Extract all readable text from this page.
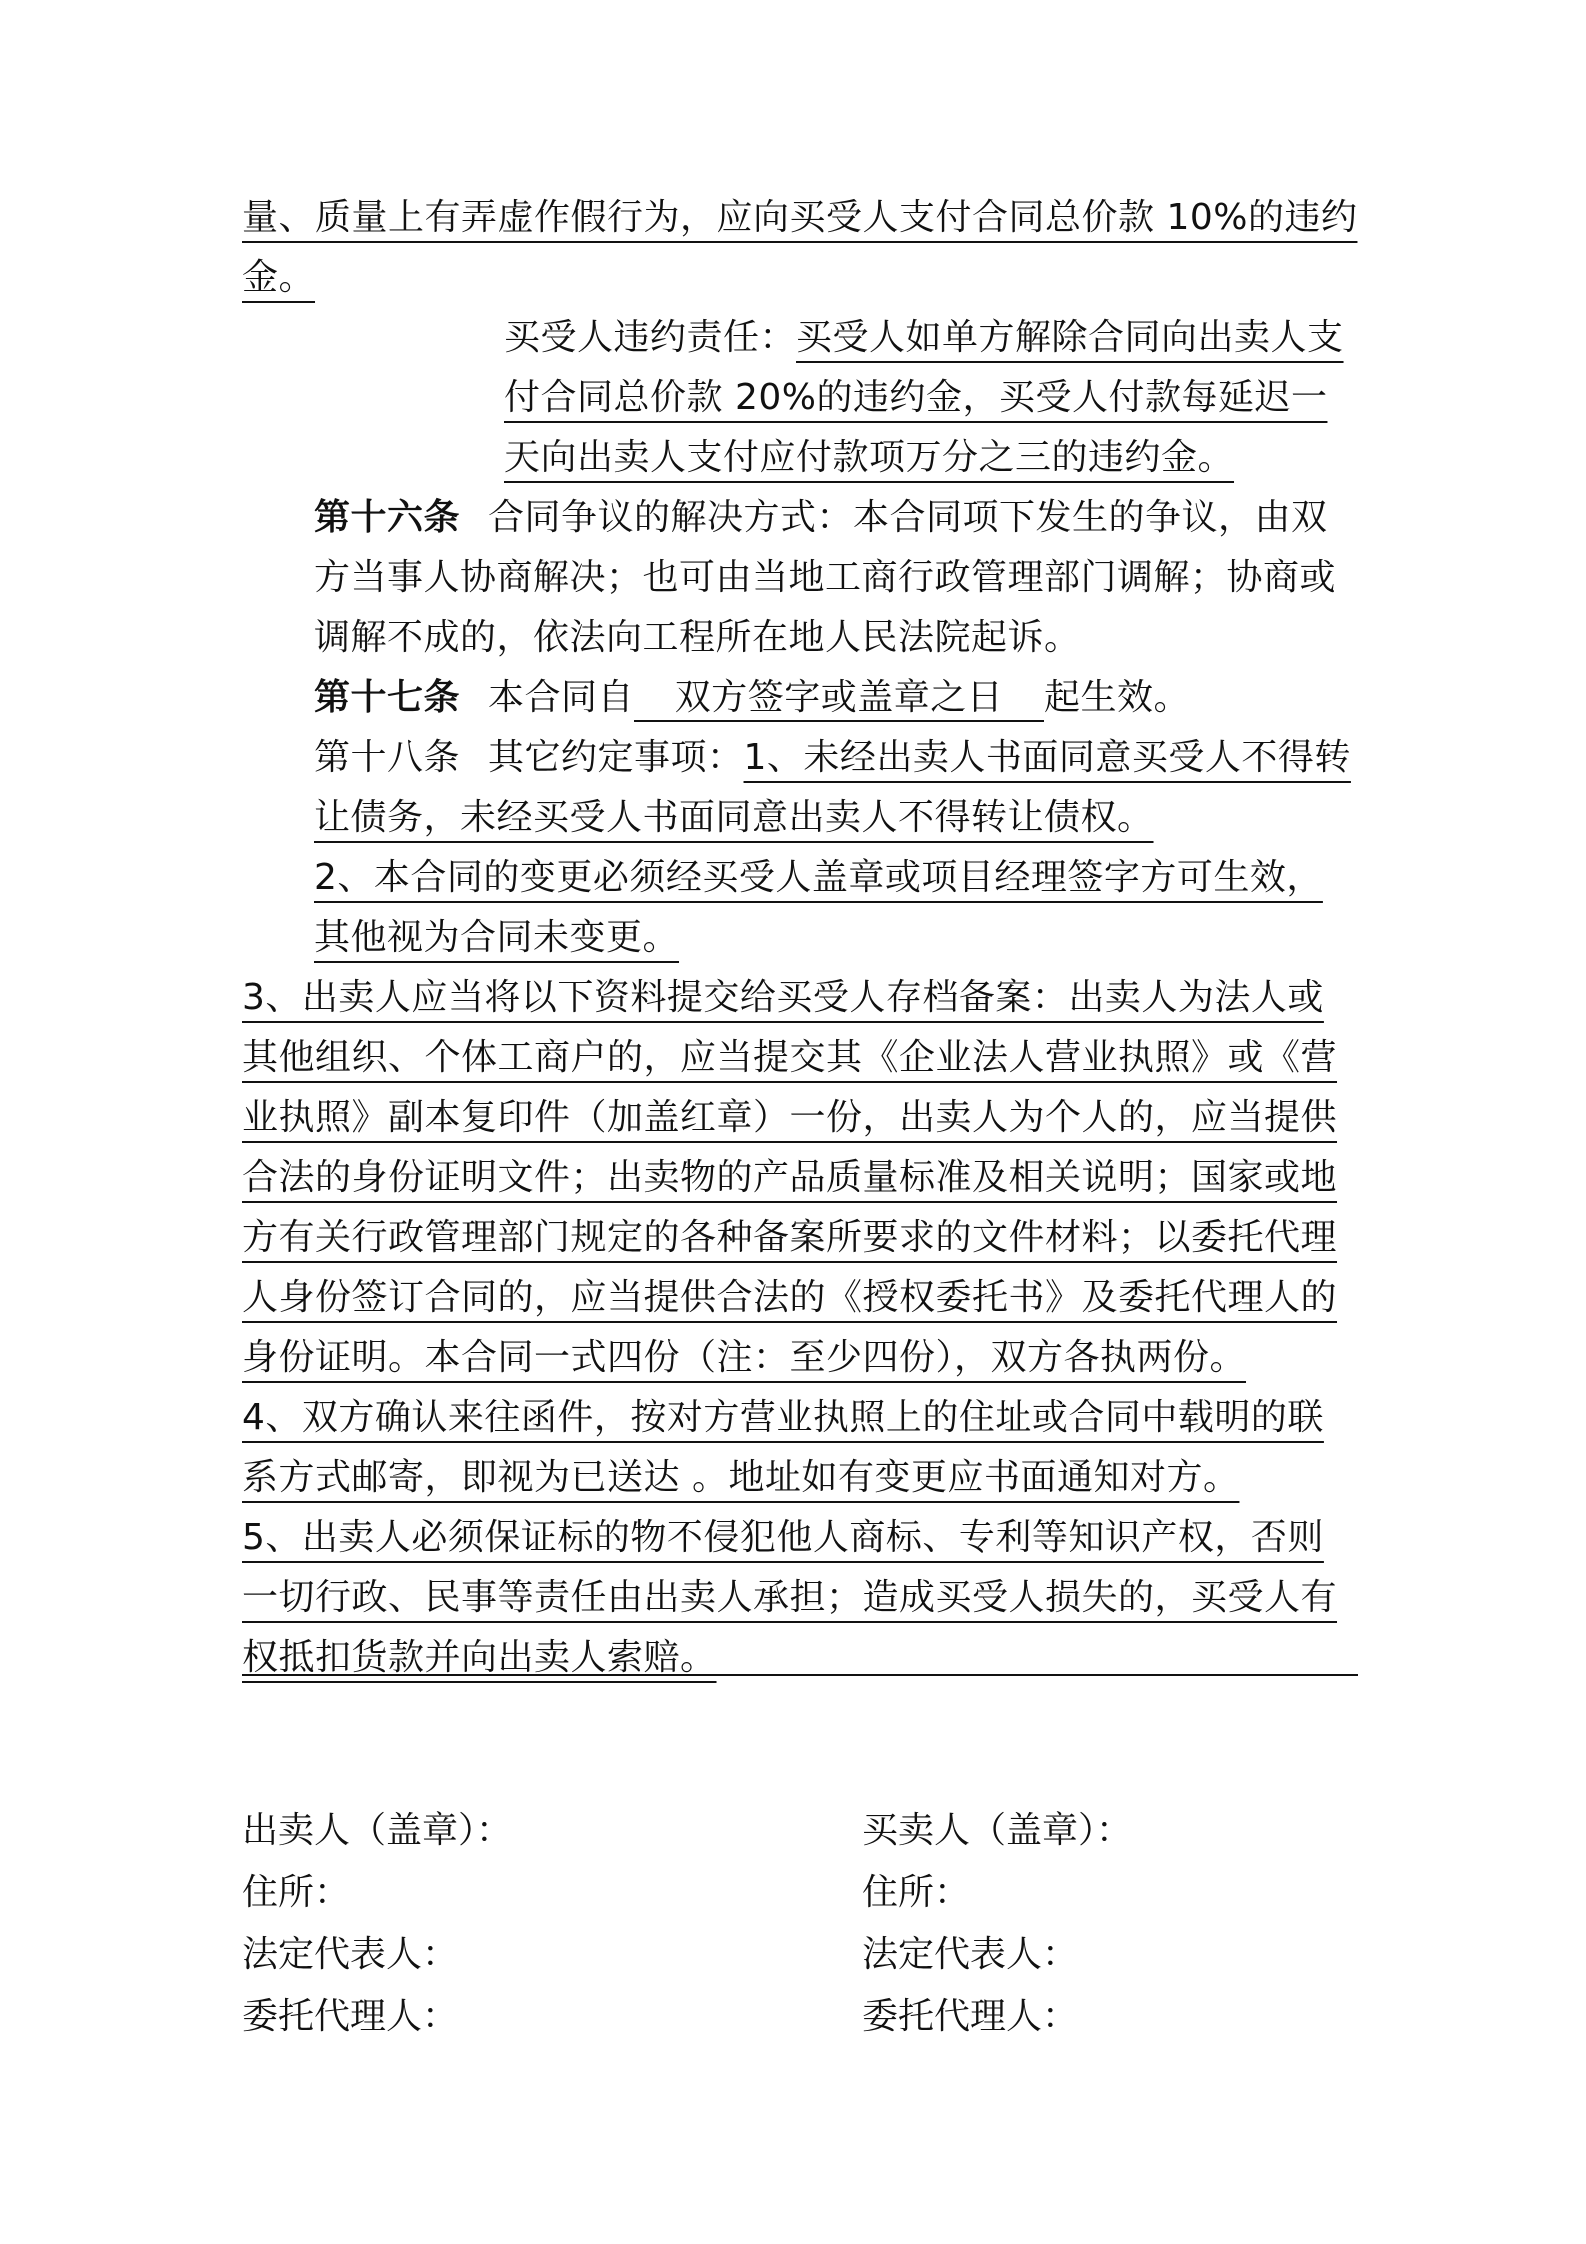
量、质量上有弄虚作假行为，应向买受人支付合同总价款 10%的违约金。

买受人违约责任：买受人如单方解除合同向出卖人支付合同总价款 20%的违约金，买受人付款每延迟一天向出卖人支付应付款项万分之三的违约金。

第十六条 合同争议的解决方式：本合同项下发生的争议，由双方当事人协商解决；也可由当地工商行政管理部门调解；协商或调解不成的，依法向工程所在地人民法院起诉。

第十七条 本合同自 双方签字或盖章之日 起生效。

第十八条 其它约定事项：1、未经出卖人书面同意买受人不得转让债务，未经买受人书面同意出卖人不得转让债权。

2、本合同的变更必须经买受人盖章或项目经理签字方可生效，其他视为合同未变更。

3、出卖人应当将以下资料提交给买受人存档备案：出卖人为法人或其他组织、个体工商户的，应当提交其《企业法人营业执照》或《营业执照》副本复印件（加盖红章）一份，出卖人为个人的，应当提供合法的身份证明文件；出卖物的产品质量标准及相关说明；国家或地方有关行政管理部门规定的各种备案所要求的文件材料；以委托代理人身份签订合同的，应当提供合法的《授权委托书》及委托代理人的身份证明。本合同一式四份（注：至少四份），双方各执两份。

4、双方确认来往函件，按对方营业执照上的住址或合同中载明的联系方式邮寄，即视为已送达 。地址如有变更应书面通知对方。

5、出卖人必须保证标的物不侵犯他人商标、专利等知识产权，否则一切行政、民事等责任由出卖人承担；造成买受人损失的，买受人有权抵扣货款并向出卖人索赔。

出卖人（盖章）：
住所：
法定代表人：
委托代理人：
买卖人（盖章）：
住所：
法定代表人：
委托代理人：
